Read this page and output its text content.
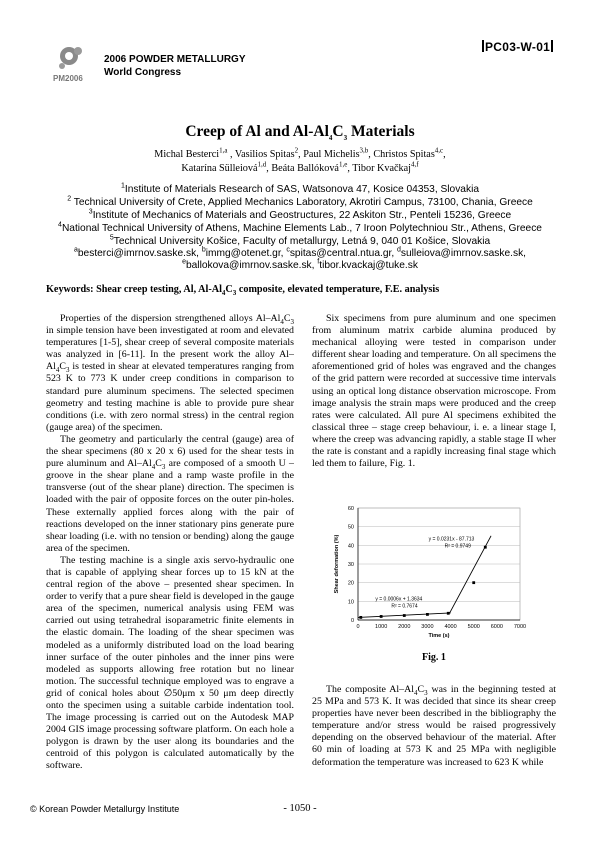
PM2006
2006 POWDER METALLURGY
World Congress
PC03-W-01
Creep of Al and $Al-Al_4C_3$ Materials
Michal Besterci$^{1,a}$ , Vasilios Spitas$^2$, Paul Michelis$^{3,b}$, Christos Spitas$^{4,c}$,
Katarína Sülleiová$^{1,d}$, Beáta Ballóková$^{1,e}$, Tibor Kvačkaj$^{4,f}$
$^1$Institute of Materials Research of SAS, Watsonova 47, Kosice 04353, Slovakia
$^2$ Technical University of Crete, Applied Mechanics Laboratory, Akrotiri Campus, 73100, Chania, Greece
$^3$Institute of Mechanics of Materials and Geostructures, 22 Askiton Str., Penteli 15236, Greece
$^4$National Technical University of Athens, Machine Elements Lab., 7 Iroon Polytechniou Str., Athens, Greece
$^5$Technical University Košice, Faculty of metallurgy, Letná 9, 040 01 Košice, Slovakia
$^a$besterci@imrnov.saske.sk, $^b$immg@otenet.gr, $^c$spitas@central.ntua.gr, $^d$sulleiova@imrnov.saske.sk,
$^e$ballokova@imrnov.saske.sk, $^f$tibor.kvackaj@tuke.sk
Keywords: Shear creep testing, Al, $Al-Al_4C_3$ composite, elevated temperature, F.E. analysis

Properties of the dispersion strengthened alloys $Al-Al_4C_3$ in simple tension have been investigated at room and elevated temperatures [1-5], shear creep of several composite materials was analyzed in [6-11]. In the present work the alloy $Al-Al_4C_3$ is tested in shear at elevated temperatures ranging from 523 K to 773 K under creep conditions in comparison to standard pure aluminum specimens. The selected specimen geometry and testing machine is able to provide pure shear conditions (i.e. with zero normal stress) in the central region (gauge area) of the specimen.

The geometry and particularly the central (gauge) area of the shear specimens (80 x 20 x 6) used for the shear tests in pure aluminum and $Al-Al_4C_3$ are composed of a smooth U –groove in the shear plane and a ramp waste profile in the transverse (out of the shear plane) direction. The specimen is loaded with the pair of opposite forces on the outer pin-holes. These externally applied forces along with the pair of reactions developed on the inner stationary pins generate pure shear loading (i.e. with no tension or bending) along the gauge area of the specimen.

The testing machine is a single axis servo-hydraulic one that is capable of applying shear forces up to 15 kN at the central region of the above – presented shear specimen. In order to verify that a pure shear field is developed in the gauge area of the specimen, numerical analysis using FEM was carried out using tetrahedral isoparametric finite elements in the elastic domain. The loading of the shear specimen was modeled as a uniformly distributed load on the load bearing inner surface of the outer pinholes and the inner pins were modeled as supports allowing free rotation but no linear motion. The successful technique employed was to engrave a grid of conical holes about ∅50μm x 50 μm deep directly onto the specimen using a suitable carbide indentation tool. The image processing is carried out on the Autodesk MAP 2004 GIS image processing software platform. On each hole a polygon is drawn by the user along its boundaries and the centroid of this polygon is calculated automatically by the software.

Six specimens from pure aluminum and one specimen from aluminum matrix carbide alumina produced by mechanical alloying were tested in comparison under different shear loading and temperature. On all specimens the aforementioned grid of holes was engraved and the changes of the grid pattern were recorded at successive time intervals using an optical long distance observation microscope. From image analysis the strain maps were produced and the creep rates were calculated. All pure Al specimens exhibited the classical three – stage creep behaviour, i. e. a linear stage I, where the creep was advancing rapidly, a stable stage II wher the rate is constant and a rapidly increasing final stage which led them to failure, Fig. 1.

0
10
20
30
40
50
60
0	1000 2000 3000 4000 5000 6000 7000
Time (s)
Shear deformation (%)
y = 0.0006x + 1.3634
R² = 0.7674
y = 0.0231x - 87.713
R² = 0.9749
Fig. 1

The composite $Al-Al_4C_3$ was in the beginning tested at 25 MPa and 573 K. It was decided that since its shear creep properties have never been described in the bibliography the temperature and/or stress would be raised progressively depending on the observed behaviour of the material. After 60 min of loading at 573 K and 25 MPa with negligible deformation the temperature was increased to 623 K while

© Korean Powder Metallurgy Institute	- 1050 -
